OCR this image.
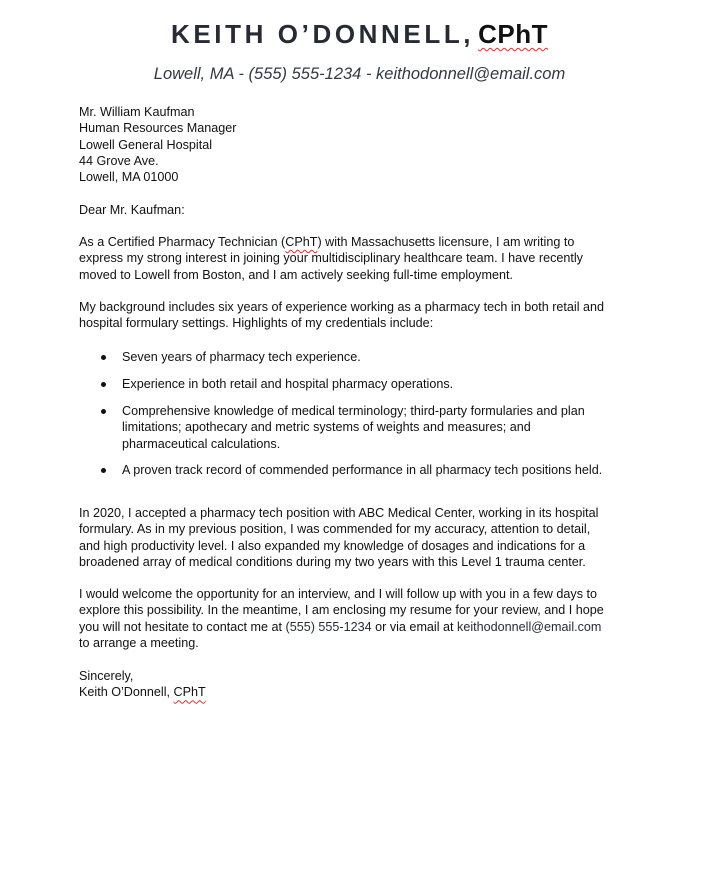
KEITH O’DONNELL, CPhT
Lowell, MA - (555) 555-1234 - keithodonnell@email.com
Mr. William Kaufman
Human Resources Manager
Lowell General Hospital
44 Grove Ave.
Lowell, MA 01000
Dear Mr. Kaufman:
As a Certified Pharmacy Technician (CPhT) with Massachusetts licensure, I am writing to
express my strong interest in joining your multidisciplinary healthcare team. I have recently
moved to Lowell from Boston, and I am actively seeking full-time employment.
My background includes six years of experience working as a pharmacy tech in both retail and
hospital formulary settings. Highlights of my credentials include:
Seven years of pharmacy tech experience.
Experience in both retail and hospital pharmacy operations.
Comprehensive knowledge of medical terminology; third-party formularies and plan
limitations; apothecary and metric systems of weights and measures; and
pharmaceutical calculations.
A proven track record of commended performance in all pharmacy tech positions held.
In 2020, I accepted a pharmacy tech position with ABC Medical Center, working in its hospital
formulary. As in my previous position, I was commended for my accuracy, attention to detail,
and high productivity level. I also expanded my knowledge of dosages and indications for a
broadened array of medical conditions during my two years with this Level 1 trauma center.
I would welcome the opportunity for an interview, and I will follow up with you in a few days to
explore this possibility. In the meantime, I am enclosing my resume for your review, and I hope
you will not hesitate to contact me at (555) 555-1234 or via email at keithodonnell@email.com
to arrange a meeting.
Sincerely,
Keith O’Donnell, CPhT
